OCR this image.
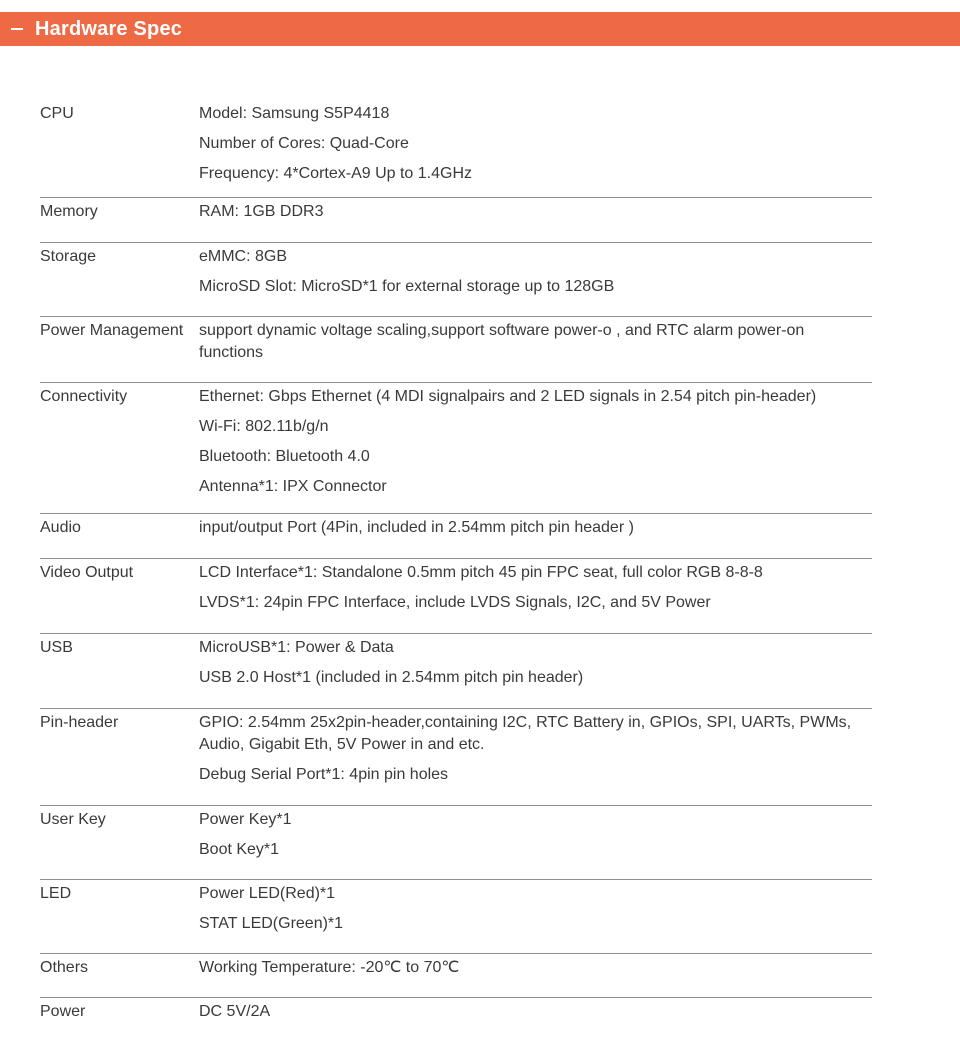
Hardware Spec
CPU	Model: Samsung S5P4418
Number of Cores: Quad-Core
Frequency: 4*Cortex-A9 Up to 1.4GHz

Memory	RAM: 1GB DDR3

Storage	eMMC: 8GB
MicroSD Slot: MicroSD*1 for external storage up to 128GB

Power Management	support dynamic voltage scaling,support software power-o , and RTC alarm power-on functions

Connectivity	Ethernet: Gbps Ethernet (4 MDI signalpairs and 2 LED signals in 2.54 pitch pin-header)
Wi-Fi: 802.11b/g/n
Bluetooth: Bluetooth 4.0
Antenna*1: IPX Connector

Audio	input/output Port (4Pin, included in 2.54mm pitch pin header )

Video Output	LCD Interface*1: Standalone 0.5mm pitch 45 pin FPC seat, full color RGB 8-8-8
LVDS*1: 24pin FPC Interface, include LVDS Signals, I2C, and 5V Power

USB	MicroUSB*1: Power & Data
USB 2.0 Host*1 (included in 2.54mm pitch pin header)

Pin-header	GPIO: 2.54mm 25x2pin-header,containing I2C, RTC Battery in, GPIOs, SPI, UARTs, PWMs, Audio, Gigabit Eth, 5V Power in and etc.
Debug Serial Port*1: 4pin pin holes

User Key	Power Key*1
Boot Key*1

LED	Power LED(Red)*1
STAT LED(Green)*1

Others	Working Temperature: -20℃ to 70℃

Power	DC 5V/2A
